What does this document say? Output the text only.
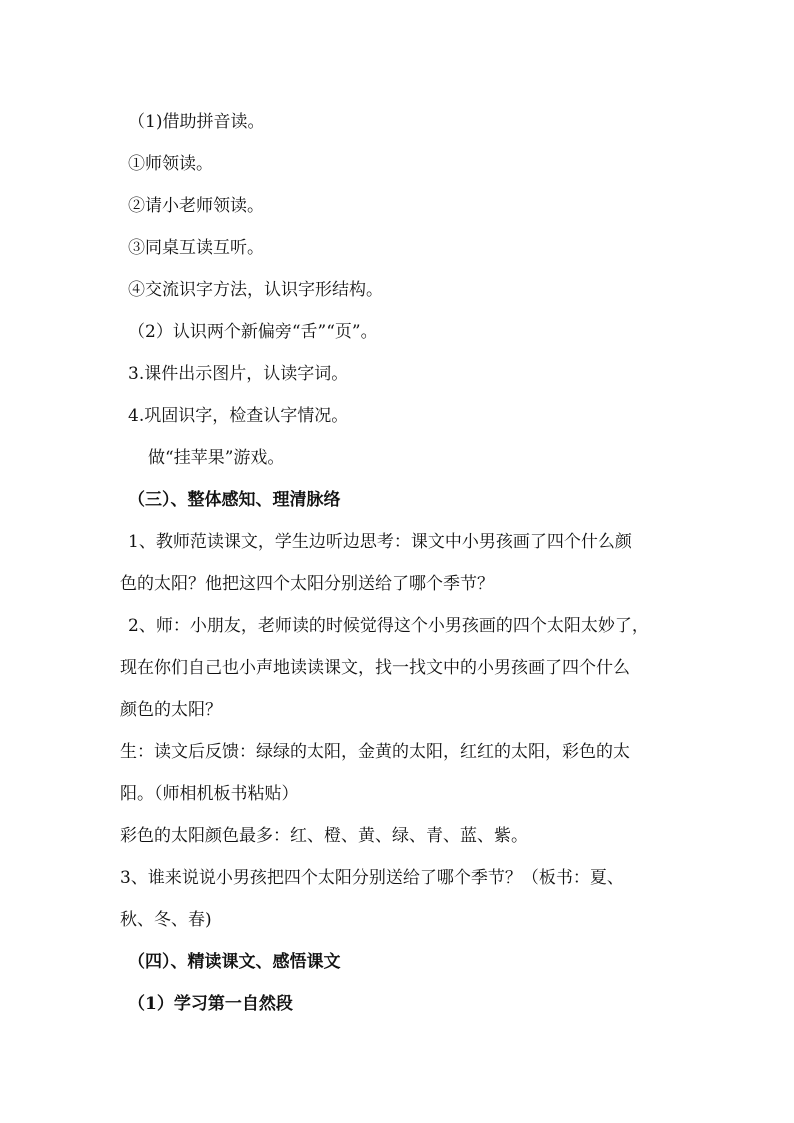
（1)借助拼音读。
①师领读。
②请小老师领读。
③同桌互读互听。
④交流识字方法，认识字形结构。
（2）认识两个新偏旁“舌”“页”。
3.课件出示图片，认读字词。
4.巩固识字，检查认字情况。
做“挂苹果”游戏。
（三）、整体感知、理清脉络
1、教师范读课文，学生边听边思考：课文中小男孩画了四个什么颜
色的太阳？他把这四个太阳分别送给了哪个季节？
2、师：小朋友，老师读的时候觉得这个小男孩画的四个太阳太妙了，
现在你们自己也小声地读读课文，找一找文中的小男孩画了四个什么
颜色的太阳？
生：读文后反馈：绿绿的太阳，金黄的太阳，红红的太阳，彩色的太
阳。（师相机板书粘贴）
彩色的太阳颜色最多：红、橙、黄、绿、青、蓝、紫。
3、谁来说说小男孩把四个太阳分别送给了哪个季节？（板书：夏、
秋、冬、春)
（四）、精读课文、感悟课文
（1）学习第一自然段
